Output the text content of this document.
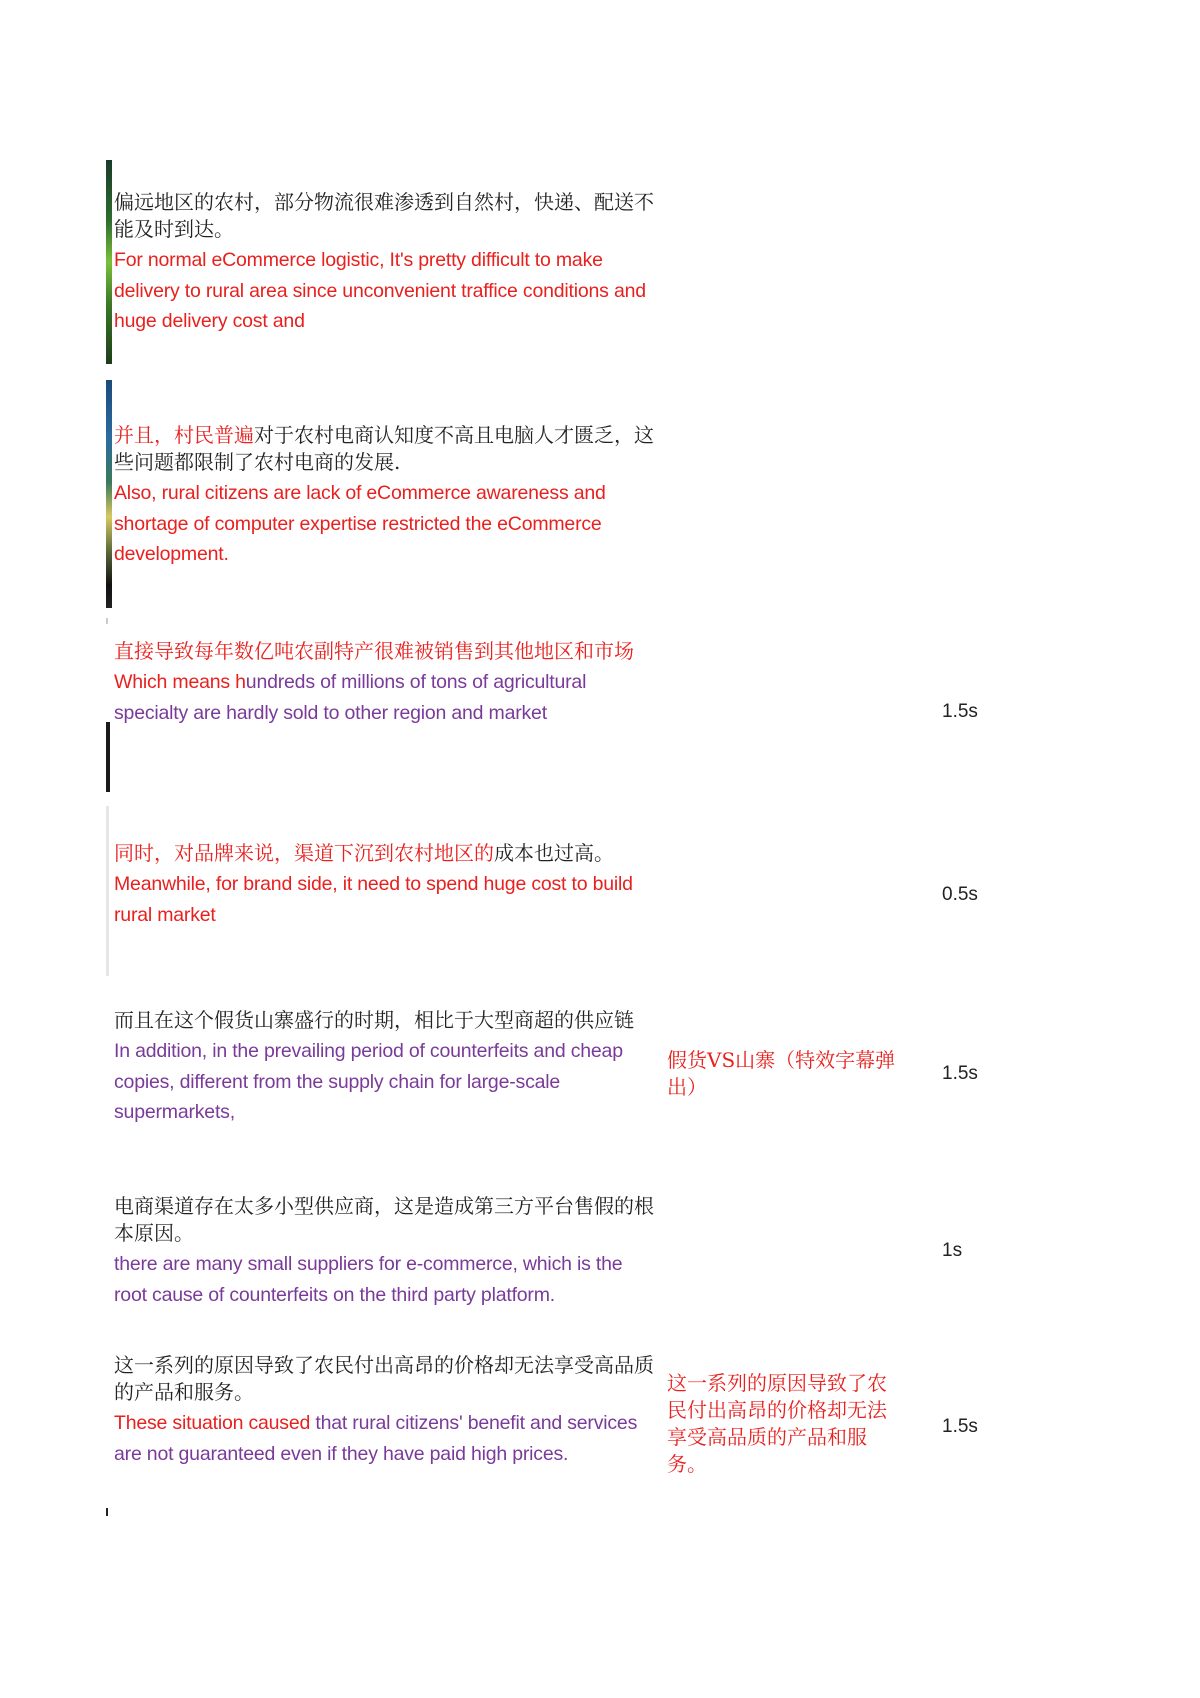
偏远地区的农村，部分物流很难渗透到自然村，快递、配送不能及时到达。

For normal eCommerce logistic, It's pretty difficult to make delivery to rural area since unconvenient traffice conditions and huge delivery cost and

并且，村民普遍对于农村电商认知度不高且电脑人才匮乏，这些问题都限制了农村电商的发展.

Also, rural citizens are lack of eCommerce awareness and shortage of computer expertise restricted the eCommerce development.

直接导致每年数亿吨农副特产很难被销售到其他地区和市场

Which means hundreds of millions of tons of agricultural specialty are hardly sold to other region and market	1.5s

同时，对品牌来说，渠道下沉到农村地区的成本也过高。

Meanwhile, for brand side, it need to spend huge cost to build rural market

0.5s

而且在这个假货山寨盛行的时期，相比于大型商超的供应链

In addition, in the prevailing period of counterfeits and cheap copies, different from the supply chain for large-scale supermarkets,

假货VS山寨（特效字幕弹出）
1.5s

电商渠道存在太多小型供应商，这是造成第三方平台售假的根本原因。

there are many small suppliers for e-commerce, which is the root cause of counterfeits on the third party platform.

1s

这一系列的原因导致了农民付出高昂的价格却无法享受高品质的产品和服务。

These situation caused that rural citizens' benefit and services are not guaranteed even if they have paid high prices.

这一系列的原因导致了农民付出高昂的价格却无法享受高品质的产品和服务。
1.5s
